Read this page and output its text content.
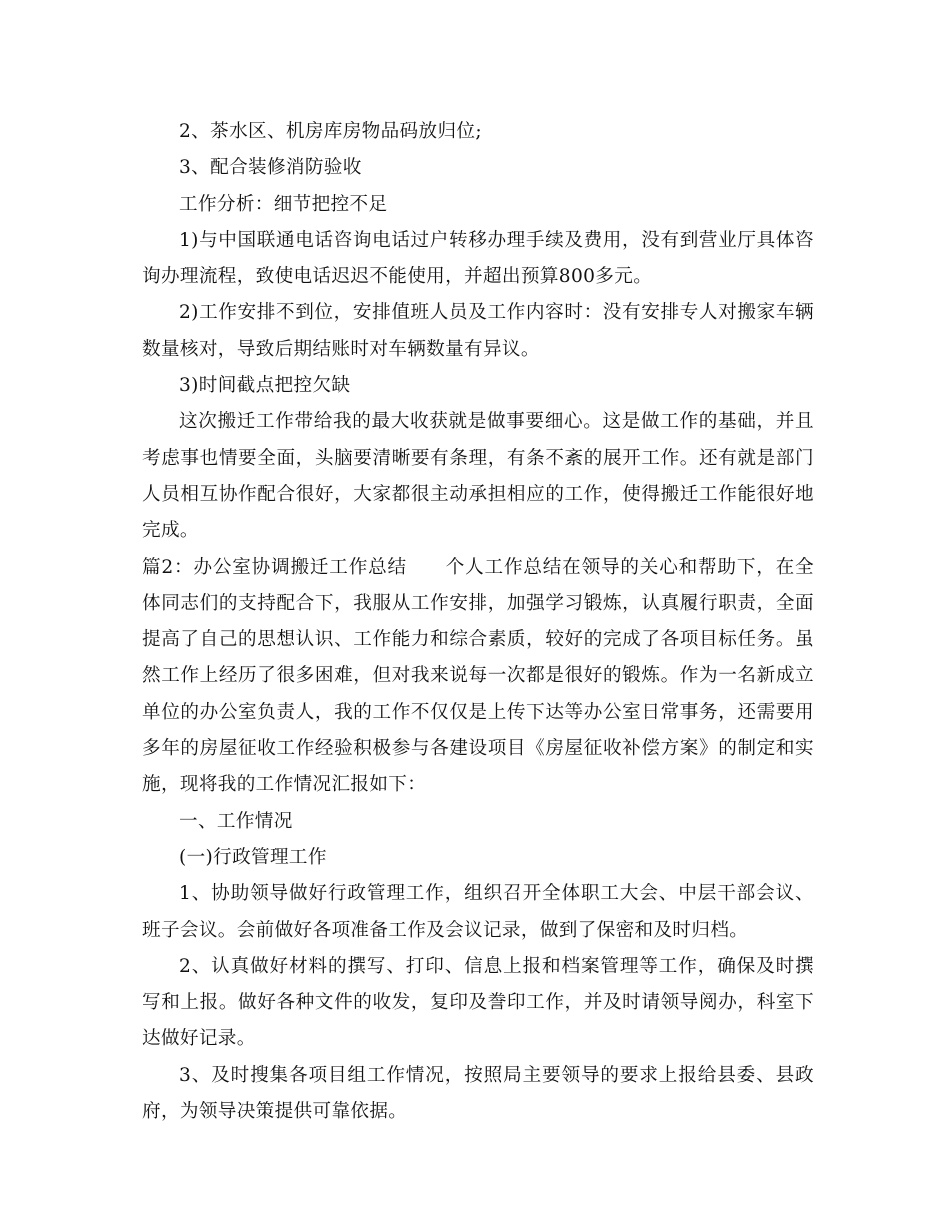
2、茶水区、机房库房物品码放归位;

3、配合装修消防验收

工作分析：细节把控不足

1)与中国联通电话咨询电话过户转移办理手续及费用，没有到营业厅具体咨询办理流程，致使电话迟迟不能使用，并超出预算800多元。

2)工作安排不到位，安排值班人员及工作内容时：没有安排专人对搬家车辆数量核对，导致后期结账时对车辆数量有异议。

3)时间截点把控欠缺

这次搬迁工作带给我的最大收获就是做事要细心。这是做工作的基础，并且考虑事也情要全面，头脑要清晰要有条理，有条不紊的展开工作。还有就是部门人员相互协作配合很好，大家都很主动承担相应的工作，使得搬迁工作能很好地完成。

篇2：办公室协调搬迁工作总结　　个人工作总结在领导的关心和帮助下，在全体同志们的支持配合下，我服从工作安排，加强学习锻炼，认真履行职责，全面提高了自己的思想认识、工作能力和综合素质，较好的完成了各项目标任务。虽然工作上经历了很多困难，但对我来说每一次都是很好的锻炼。作为一名新成立单位的办公室负责人，我的工作不仅仅是上传下达等办公室日常事务，还需要用多年的房屋征收工作经验积极参与各建设项目《房屋征收补偿方案》的制定和实施，现将我的工作情况汇报如下：

一、工作情况

(一)行政管理工作

1、协助领导做好行政管理工作，组织召开全体职工大会、中层干部会议、班子会议。会前做好各项准备工作及会议记录，做到了保密和及时归档。

2、认真做好材料的撰写、打印、信息上报和档案管理等工作，确保及时撰写和上报。做好各种文件的收发，复印及誊印工作，并及时请领导阅办，科室下达做好记录。

3、及时搜集各项目组工作情况，按照局主要领导的要求上报给县委、县政府，为领导决策提供可靠依据。
